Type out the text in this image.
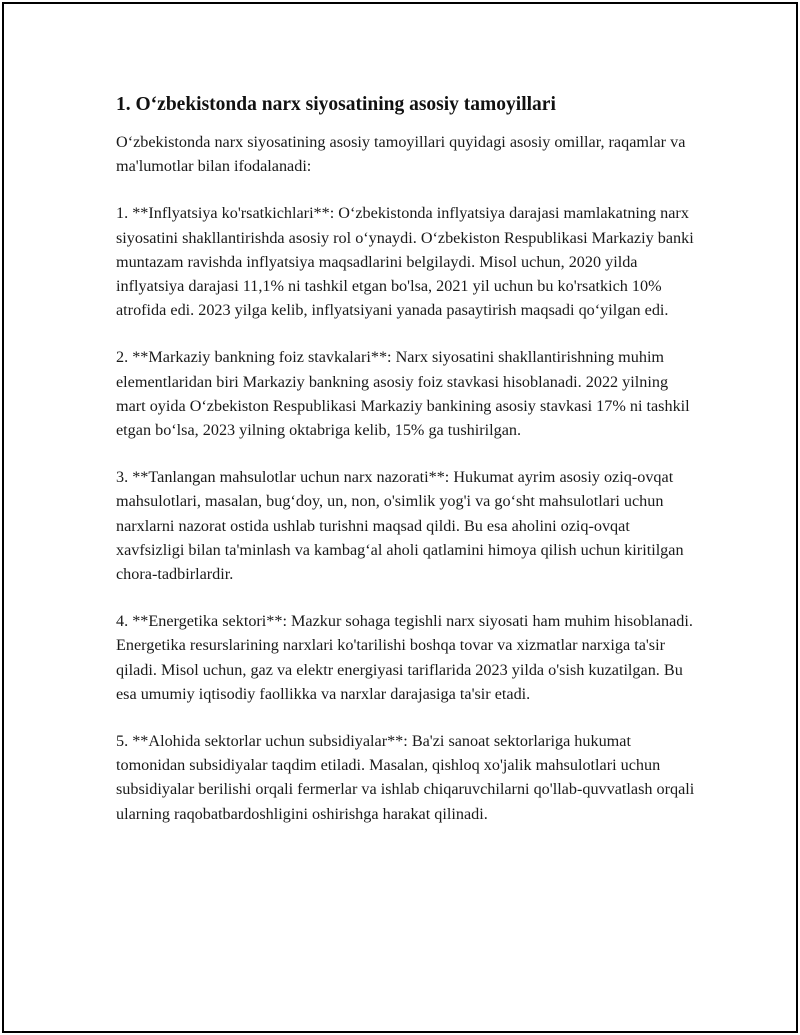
1. O‘zbekistonda narx siyosatining asosiy tamoyillari

O‘zbekistonda narx siyosatining asosiy tamoyillari quyidagi asosiy omillar, raqamlar va ma'lumotlar bilan ifodalanadi:

1. **Inflyatsiya ko'rsatkichlari**: O‘zbekistonda inflyatsiya darajasi mamlakatning narx siyosatini shakllantirishda asosiy rol o‘ynaydi. O‘zbekiston Respublikasi Markaziy banki muntazam ravishda inflyatsiya maqsadlarini belgilaydi. Misol uchun, 2020 yilda inflyatsiya darajasi 11,1% ni tashkil etgan bo'lsa, 2021 yil uchun bu ko'rsatkich 10% atrofida edi. 2023 yilga kelib, inflyatsiyani yanada pasaytirish maqsadi qo‘yilgan edi.

2. **Markaziy bankning foiz stavkalari**: Narx siyosatini shakllantirishning muhim elementlaridan biri Markaziy bankning asosiy foiz stavkasi hisoblanadi. 2022 yilning mart oyida O‘zbekiston Respublikasi Markaziy bankining asosiy stavkasi 17% ni tashkil etgan bo‘lsa, 2023 yilning oktabriga kelib, 15% ga tushirilgan.

3. **Tanlangan mahsulotlar uchun narx nazorati**: Hukumat ayrim asosiy oziq-ovqat mahsulotlari, masalan, bug‘doy, un, non, o'simlik yog'i va go‘sht mahsulotlari uchun narxlarni nazorat ostida ushlab turishni maqsad qildi. Bu esa aholini oziq-ovqat xavfsizligi bilan ta'minlash va kambag‘al aholi qatlamini himoya qilish uchun kiritilgan chora-tadbirlardir.

4. **Energetika sektori**: Mazkur sohaga tegishli narx siyosati ham muhim hisoblanadi. Energetika resurslarining narxlari ko'tarilishi boshqa tovar va xizmatlar narxiga ta'sir qiladi. Misol uchun, gaz va elektr energiyasi tariflarida 2023 yilda o'sish kuzatilgan. Bu esa umumiy iqtisodiy faollikka va narxlar darajasiga ta'sir etadi.

5. **Alohida sektorlar uchun subsidiyalar**: Ba'zi sanoat sektorlariga hukumat tomonidan subsidiyalar taqdim etiladi. Masalan, qishloq xo'jalik mahsulotlari uchun subsidiyalar berilishi orqali fermerlar va ishlab chiqaruvchilarni qo'llab-quvvatlash orqali ularning raqobatbardoshligini oshirishga harakat qilinadi.
